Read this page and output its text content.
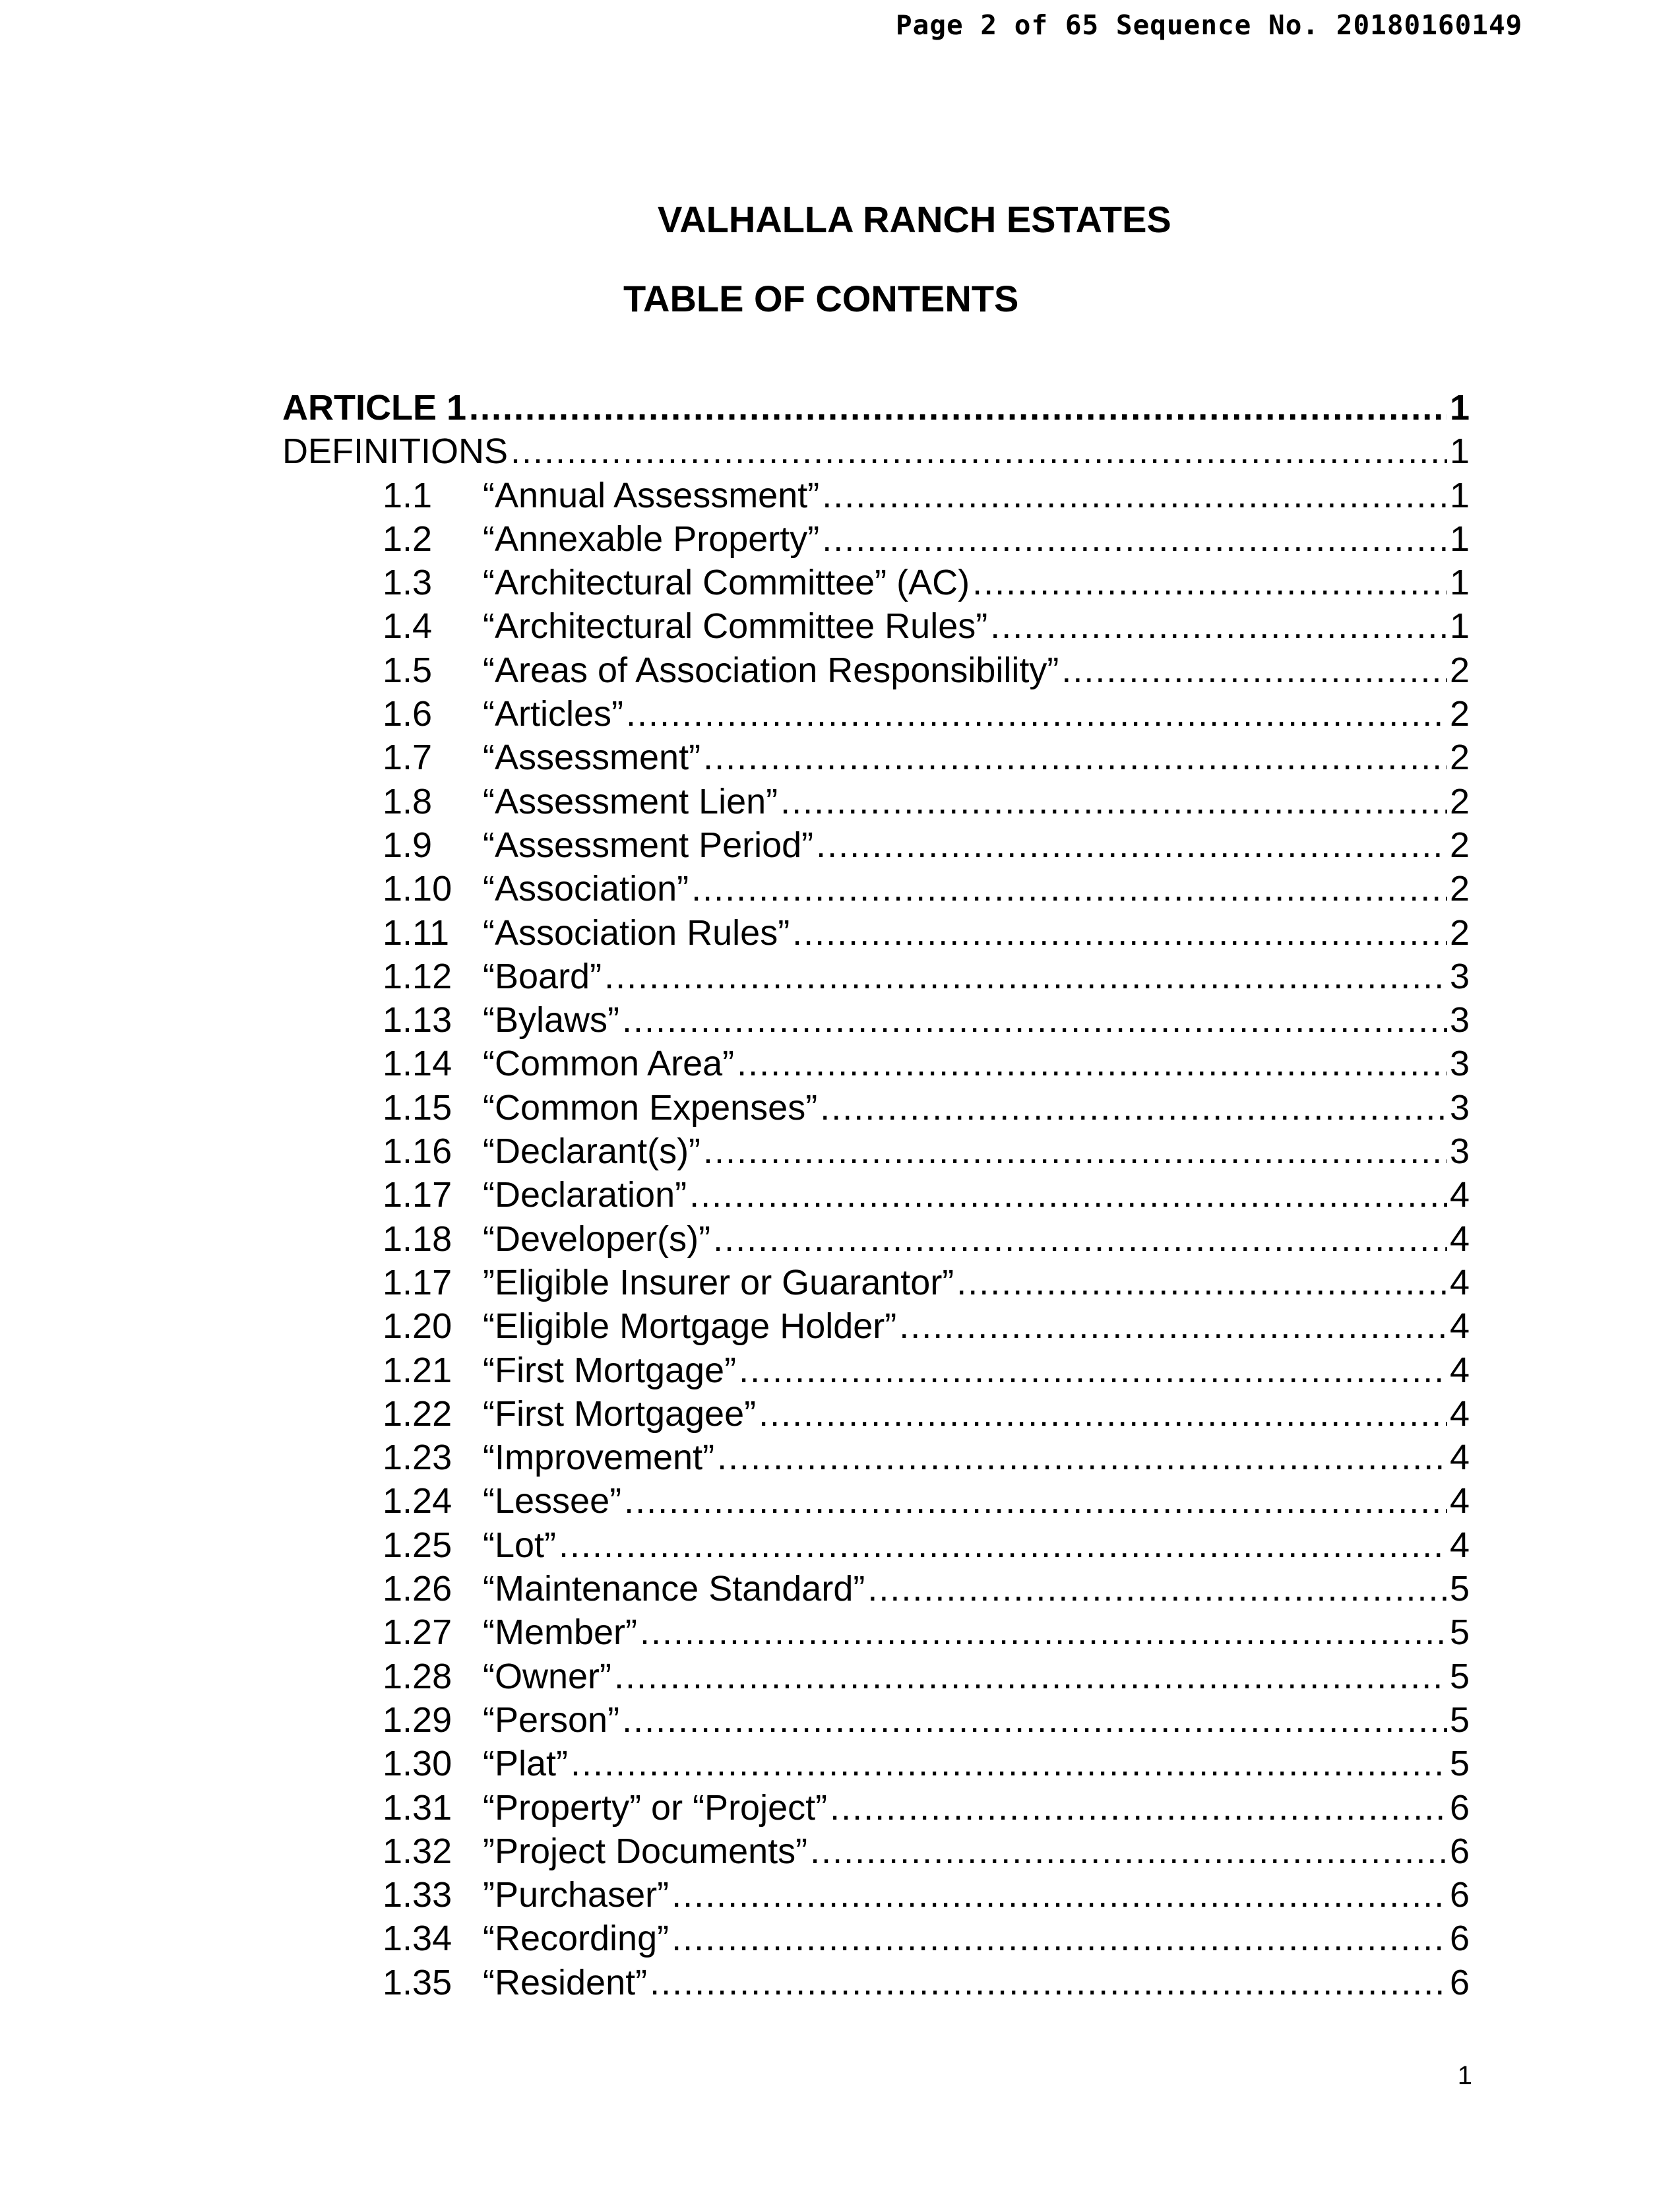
Page 2 of 65 Sequence No. 20180160149
VALHALLA RANCH ESTATES
TABLE OF CONTENTS
ARTICLE 1 .....	1
DEFINITIONS .....	1
1.1	“Annual Assessment” .....	1
1.2	“Annexable Property” .....	1
1.3	“Architectural Committee” (AC) .....	1
1.4	“Architectural Committee Rules” .....	1
1.5	“Areas of Association Responsibility” .....	2
1.6	“Articles” .....	2
1.7	“Assessment” .....	2
1.8	“Assessment Lien” .....	2
1.9	“Assessment Period” .....	2
1.10 “Association” .....	2
1.11 “Association Rules” .....	2
1.12 “Board” .....	3
1.13 “Bylaws” .....	3
1.14 “Common Area” .....	3
1.15 “Common Expenses” .....	3
1.16 “Declarant(s)” .....	3
1.17 “Declaration” .....	4
1.18 “Developer(s)” .....	4
1.17 ”Eligible Insurer or Guarantor” .....	4
1.20 “Eligible Mortgage Holder” .....	4
1.21 “First Mortgage” .....	4
1.22 “First Mortgagee” .....	4
1.23 “Improvement” .....	4
1.24 “Lessee” .....	4
1.25 “Lot” .....	4
1.26 “Maintenance Standard” .....	5
1.27 “Member” .....	5
1.28 “Owner” .....	5
1.29 “Person” .....	5
1.30 “Plat” .....	5
1.31 “Property” or “Project” .....	6
1.32 ”Project Documents” .....	6
1.33 ”Purchaser” .....	6
1.34 “Recording” .....	6
1.35 “Resident” .....	6
1
